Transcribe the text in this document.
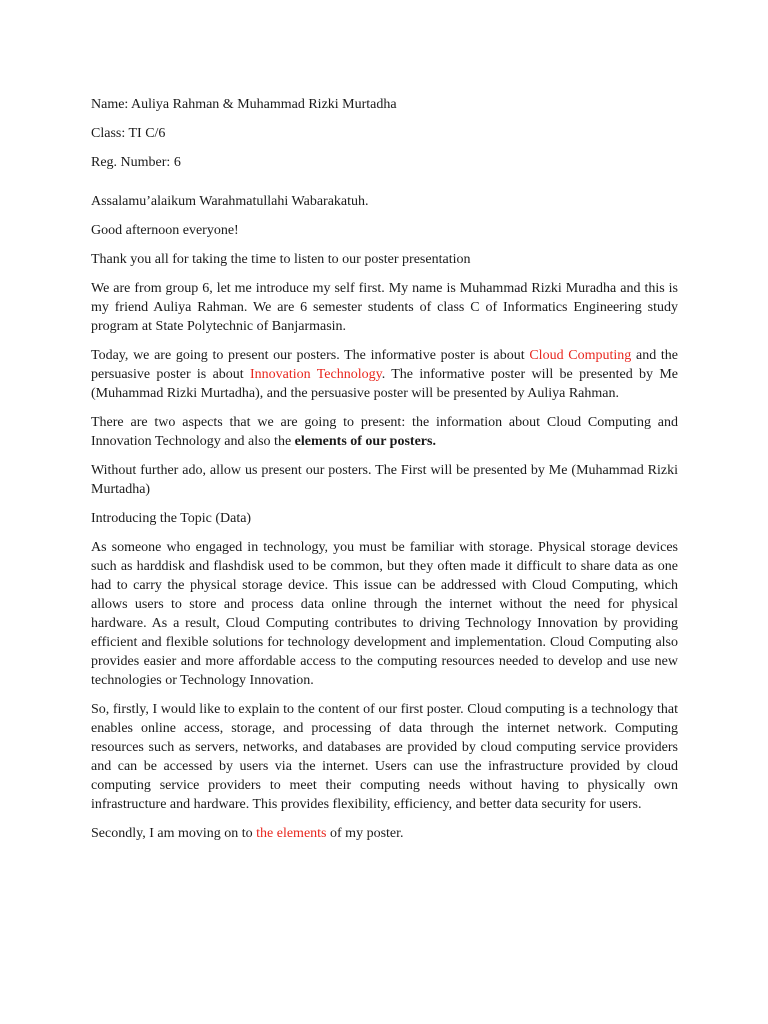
Name: Auliya Rahman & Muhammad Rizki Murtadha

Class: TI C/6

Reg. Number: 6

Assalamu’alaikum Warahmatullahi Wabarakatuh.

Good afternoon everyone!

Thank you all for taking the time to listen to our poster presentation

We are from group 6, let me introduce my self first. My name is Muhammad Rizki Muradha and this is my friend Auliya Rahman. We are 6 semester students of class C of Informatics Engineering study program at State Polytechnic of Banjarmasin.

Today, we are going to present our posters. The informative poster is about Cloud Computing and the persuasive poster is about Innovation Technology. The informative poster will be presented by Me (Muhammad Rizki Murtadha), and the persuasive poster will be presented by Auliya Rahman.

There are two aspects that we are going to present: the information about Cloud Computing and Innovation Technology and also the elements of our posters.

Without further ado, allow us present our posters. The First will be presented by Me (Muhammad Rizki Murtadha)

Introducing the Topic (Data)

As someone who engaged in technology, you must be familiar with storage. Physical storage devices such as harddisk and flashdisk used to be common, but they often made it difficult to share data as one had to carry the physical storage device. This issue can be addressed with Cloud Computing, which allows users to store and process data online through the internet without the need for physical hardware. As a result, Cloud Computing contributes to driving Technology Innovation by providing efficient and flexible solutions for technology development and implementation. Cloud Computing also provides easier and more affordable access to the computing resources needed to develop and use new technologies or Technology Innovation.

So, firstly, I would like to explain to the content of our first poster. Cloud computing is a technology that enables online access, storage, and processing of data through the internet network. Computing resources such as servers, networks, and databases are provided by cloud computing service providers and can be accessed by users via the internet. Users can use the infrastructure provided by cloud computing service providers to meet their computing needs without having to physically own infrastructure and hardware. This provides flexibility, efficiency, and better data security for users.

Secondly, I am moving on to the elements of my poster.
